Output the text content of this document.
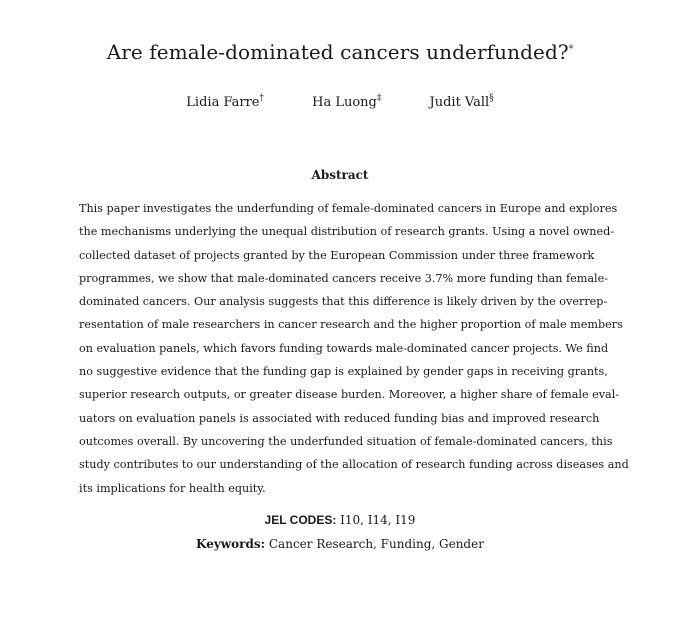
Are female-dominated cancers underfunded?*
Lidia Farre†	Ha Luong‡	Judit Vall§
Abstract
This paper investigates the underfunding of female-dominated cancers in Europe and explores
the mechanisms underlying the unequal distribution of research grants. Using a novel owned-
collected dataset of projects granted by the European Commission under three framework
programmes, we show that male-dominated cancers receive 3.7% more funding than female-
dominated cancers. Our analysis suggests that this difference is likely driven by the overrep-
resentation of male researchers in cancer research and the higher proportion of male members
on evaluation panels, which favors funding towards male-dominated cancer projects. We find
no suggestive evidence that the funding gap is explained by gender gaps in receiving grants,
superior research outputs, or greater disease burden. Moreover, a higher share of female eval-
uators on evaluation panels is associated with reduced funding bias and improved research
outcomes overall. By uncovering the underfunded situation of female-dominated cancers, this
study contributes to our understanding of the allocation of research funding across diseases and
its implications for health equity.
JEL CODES: I10, I14, I19
Keywords: Cancer Research, Funding, Gender
